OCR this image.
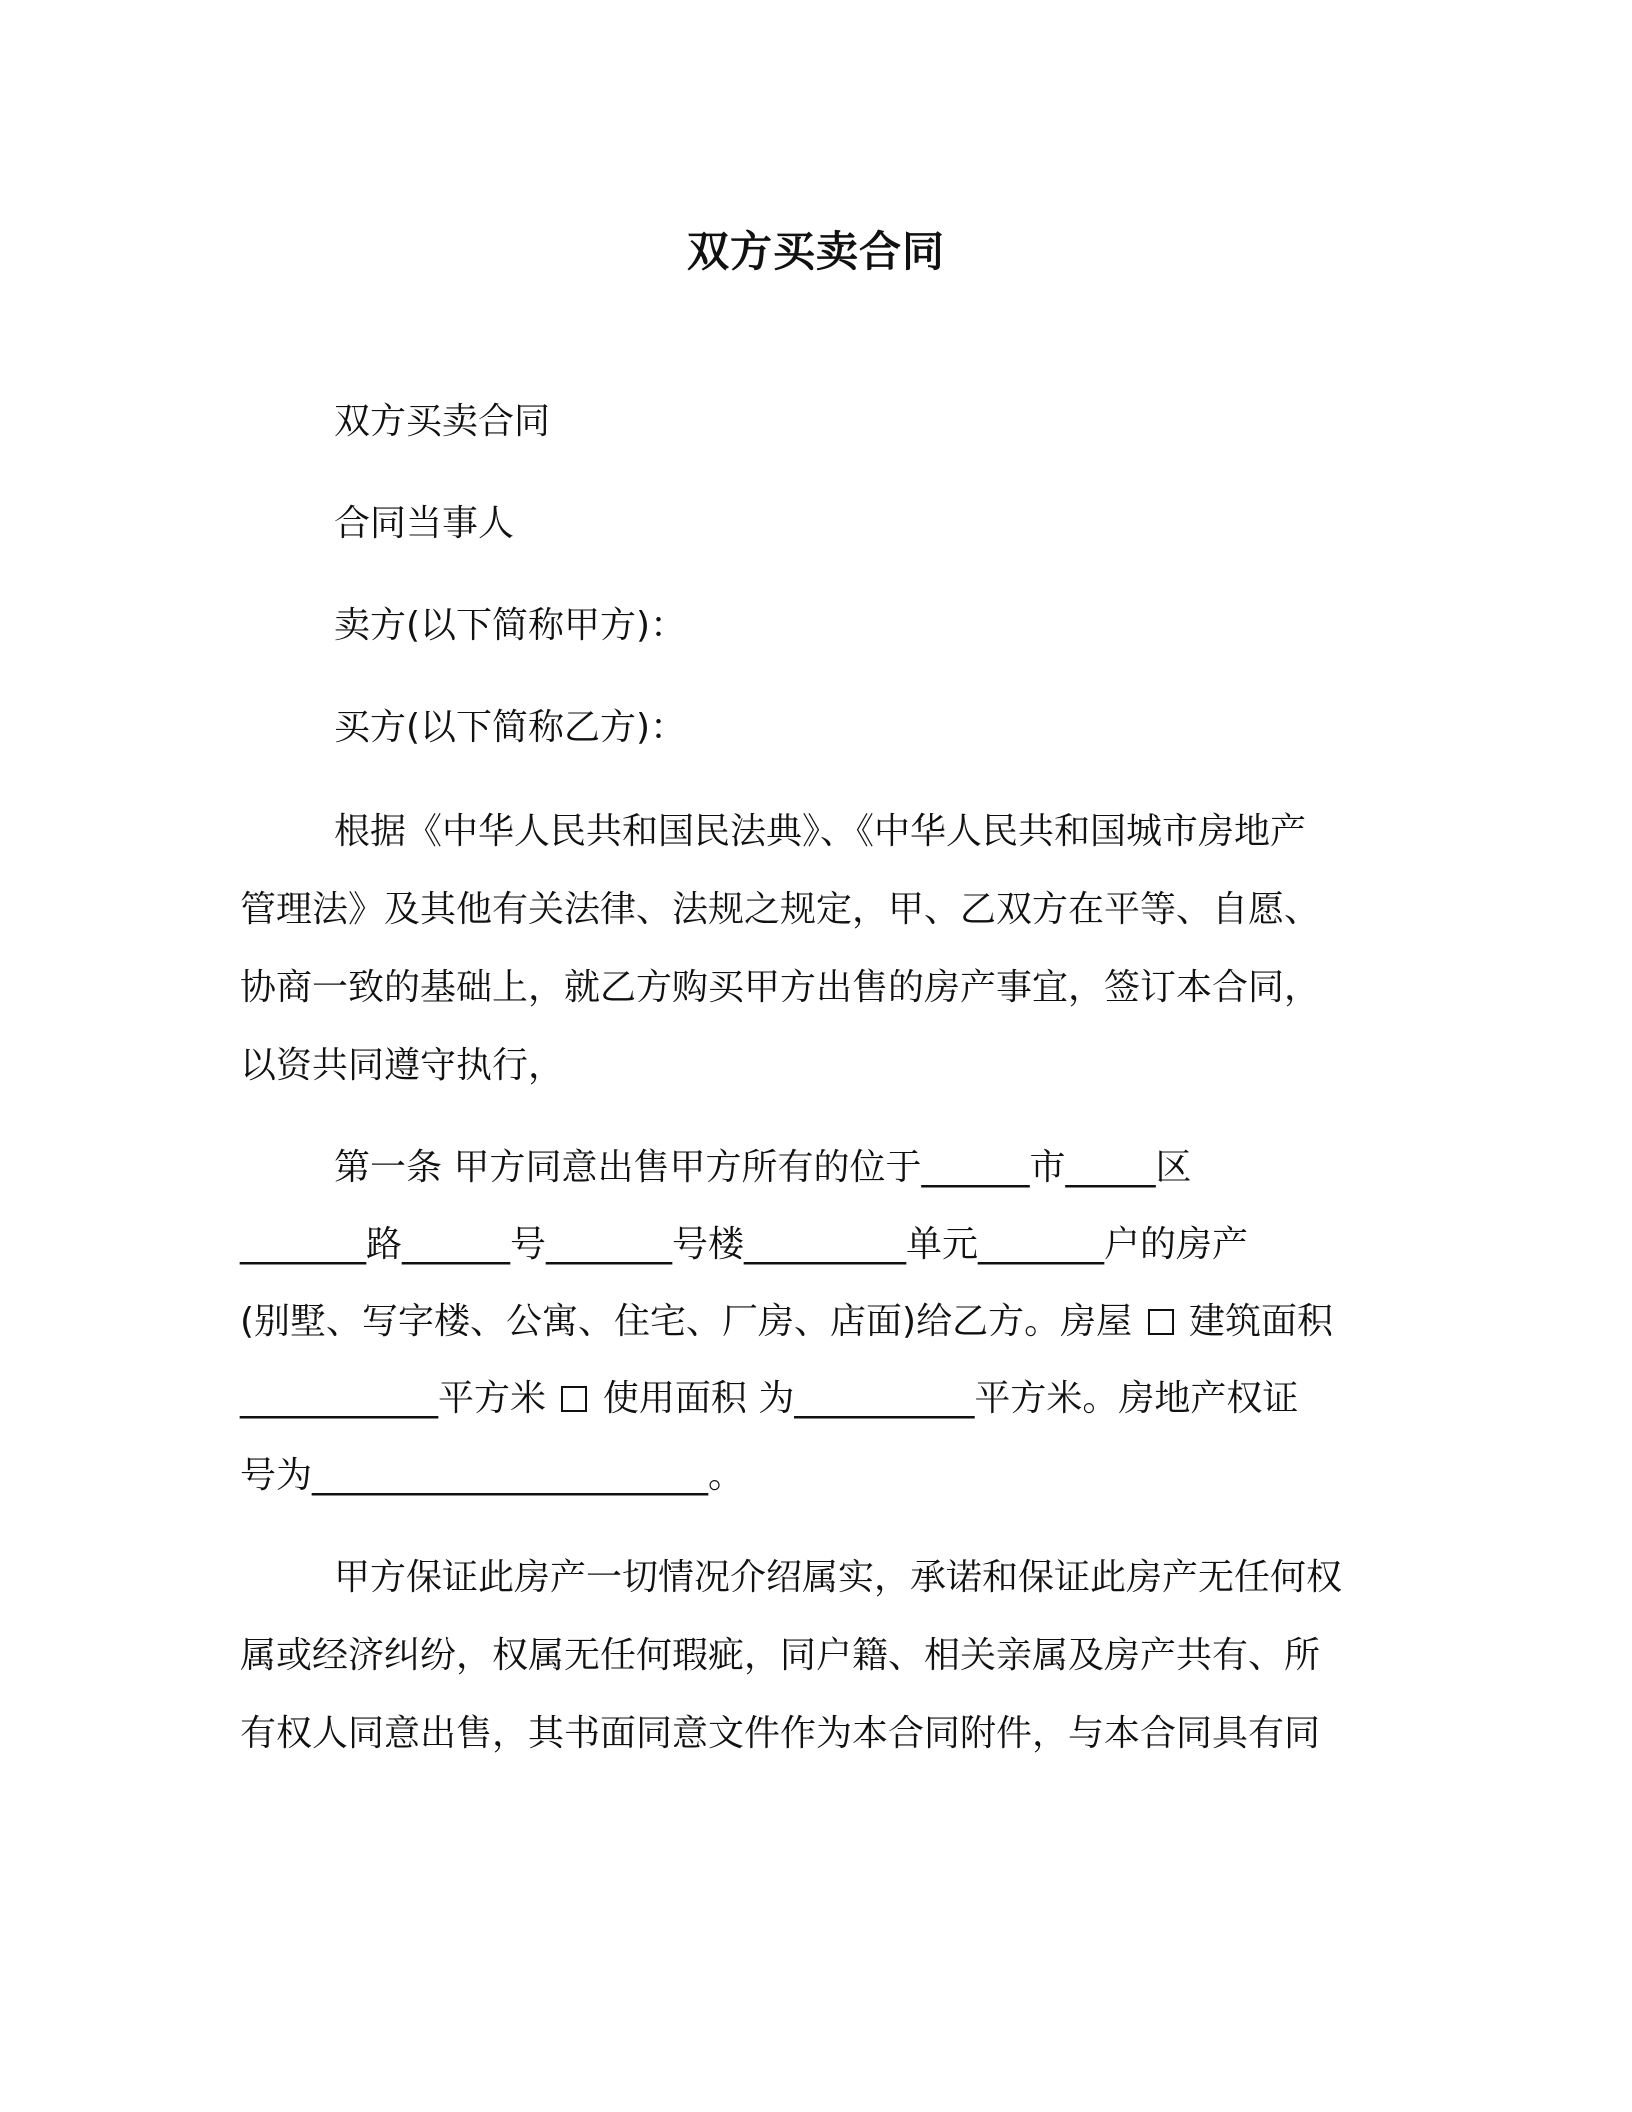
双方买卖合同
双方买卖合同
合同当事人
卖方(以下简称甲方)：
买方(以下简称乙方)：
根据《中华人民共和国民法典》、《中华人民共和国城市房地产
管理法》及其他有关法律、法规之规定，甲、乙双方在平等、自愿、
协商一致的基础上，就乙方购买甲方出售的房产事宜，签订本合同，
以资共同遵守执行，
第一条 甲方同意出售甲方所有的位于______市_____区
_______路______号_______号楼_________单元_______户的房产
(别墅、写字楼、公寓、住宅、厂房、店面)给乙方。房屋 建筑面积
___________平方米 使用面积 为__________平方米。房地产权证
号为______________________。
甲方保证此房产一切情况介绍属实，承诺和保证此房产无任何权
属或经济纠纷，权属无任何瑕疵，同户籍、相关亲属及房产共有、所
有权人同意出售，其书面同意文件作为本合同附件，与本合同具有同
